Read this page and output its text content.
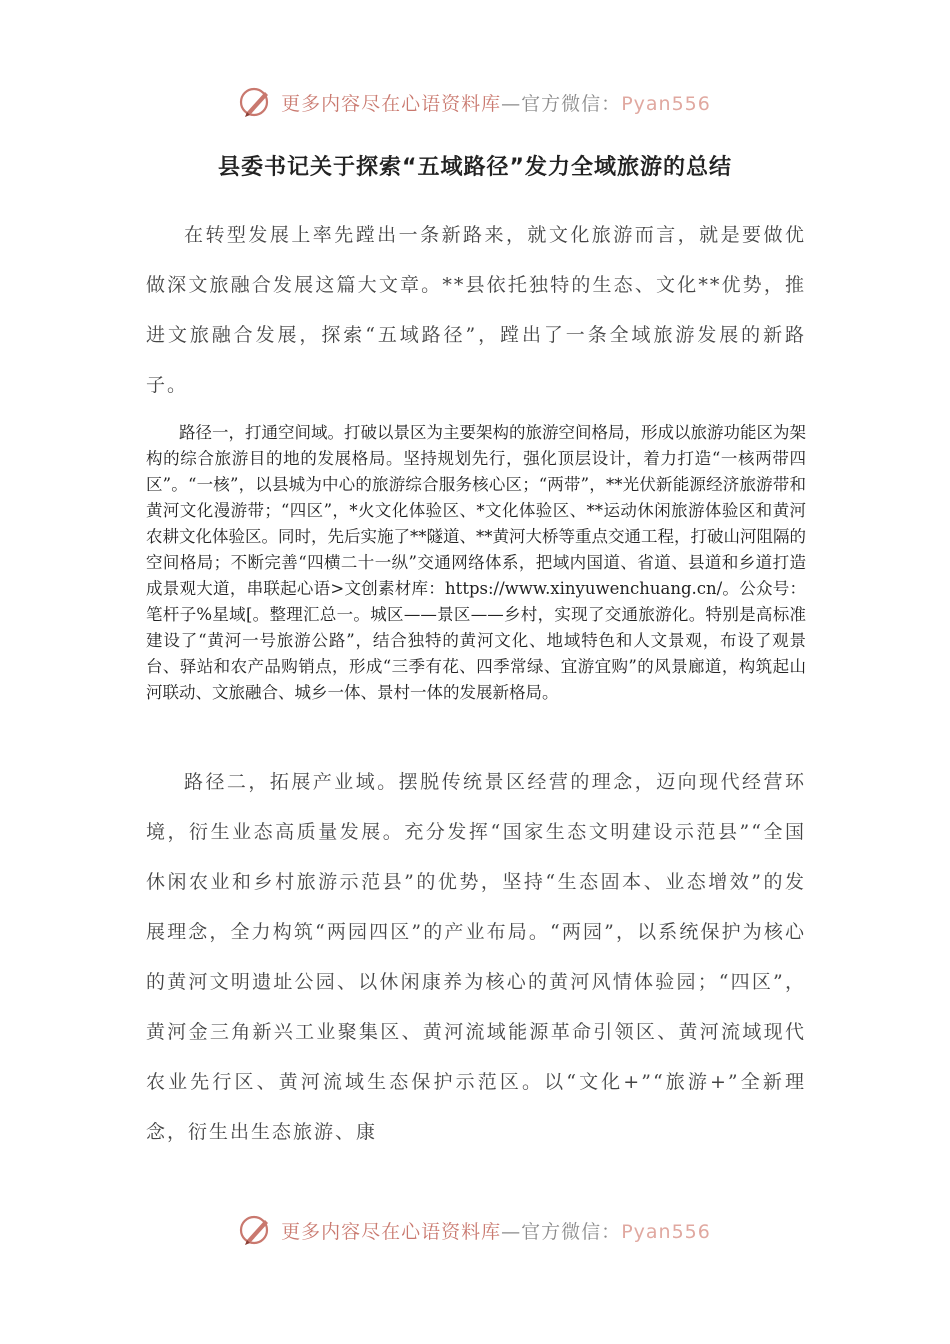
更多内容尽在心语资料库—官方微信：Pyan556
县委书记关于探索“五域路径”发力全域旅游的总结

在转型发展上率先蹚出一条新路来，就文化旅游而言，就是要做优做深文旅融合发展这篇大文章。**县依托独特的生态、文化**优势，推进文旅融合发展，探索“五域路径”，蹚出了一条全域旅游发展的新路子。

路径一，打通空间域。打破以景区为主要架构的旅游空间格局，形成以旅游功能区为架构的综合旅游目的地的发展格局。坚持规划先行，强化顶层设计，着力打造“一核两带四区”。“一核”，以县城为中心的旅游综合服务核心区；“两带”，**光伏新能源经济旅游带和黄河文化漫游带；“四区”，*火文化体验区、*文化体验区、**运动休闲旅游体验区和黄河农耕文化体验区。同时，先后实施了**隧道、**黄河大桥等重点交通工程，打破山河阻隔的空间格局；不断完善“四横二十一纵”交通网络体系，把域内国道、省道、县道和乡道打造成景观大道，串联起心语>文创素材库：https://www.xinyuwenchuang.cn/。公众号：笔杆子%星域[。整理汇总一。城区——景区——乡村，实现了交通旅游化。特别是高标准建设了“黄河一号旅游公路”，结合独特的黄河文化、地域特色和人文景观，布设了观景台、驿站和农产品购销点，形成“三季有花、四季常绿、宜游宜购”的风景廊道，构筑起山河联动、文旅融合、城乡一体、景村一体的发展新格局。

路径二，拓展产业域。摆脱传统景区经营的理念，迈向现代经营环境，衍生业态高质量发展。充分发挥“国家生态文明建设示范县”“全国休闲农业和乡村旅游示范县”的优势，坚持“生态固本、业态增效”的发展理念，全力构筑“两园四区”的产业布局。“两园”，以系统保护为核心的黄河文明遗址公园、以休闲康养为核心的黄河风情体验园；“四区”，黄河金三角新兴工业聚集区、黄河流域能源革命引领区、黄河流域现代农业先行区、黄河流域生态保护示范区。以“文化+”“旅游+”全新理念，衍生出生态旅游、康

更多内容尽在心语资料库—官方微信：Pyan556
